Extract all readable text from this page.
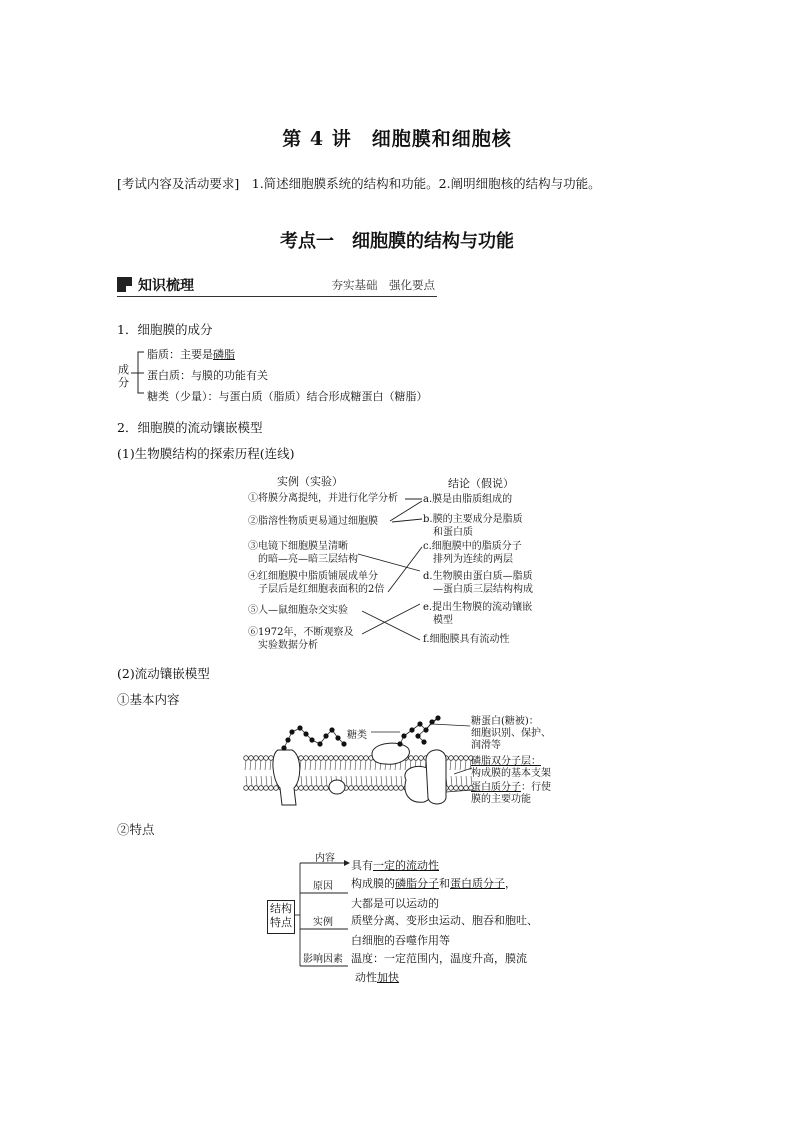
第 4 讲　细胞膜和细胞核
[考试内容及活动要求]　1.简述细胞膜系统的结构和功能。2.阐明细胞核的结构与功能。
考点一　细胞膜的结构与功能
知识梳理	夯实基础　强化要点
1．细胞膜的成分
成
分
脂质：主要是磷脂
蛋白质：与膜的功能有关
糖类（少量）：与蛋白质（脂质）结合形成糖蛋白（糖脂）
2．细胞膜的流动镶嵌模型
(1)生物膜结构的探索历程(连线)
实例（实验）	结论（假说）
①将膜分离提纯，并进行化学分析
②脂溶性物质更易通过细胞膜
③电镜下细胞膜呈清晰
　的暗—亮—暗三层结构
④红细胞膜中脂质铺展成单分
　子层后是红细胞表面积的2倍
⑤人—鼠细胞杂交实验
⑥1972年，不断观察及
　实验数据分析
a.膜是由脂质组成的
b.膜的主要成分是脂质
　和蛋白质
c.细胞膜中的脂质分子
　排列为连续的两层
d.生物膜由蛋白质—脂质
　—蛋白质三层结构构成
e.提出生物膜的流动镶嵌
　模型
f.细胞膜具有流动性
(2)流动镶嵌模型
①基本内容
糖类
糖蛋白(糖被)：
细胞识别、保护、
润滑等
磷脂双分子层：
构成膜的基本支架
蛋白质分子：行使
膜的主要功能
②特点
结构
特点
内容
具有一定的流动性
原因 构成膜的磷脂分子和蛋白质分子，
大都是可以运动的
实例 质壁分离、变形虫运动、胞吞和胞吐、
白细胞的吞噬作用等
影响因素 温度：一定范围内，温度升高，膜流
动性加快
